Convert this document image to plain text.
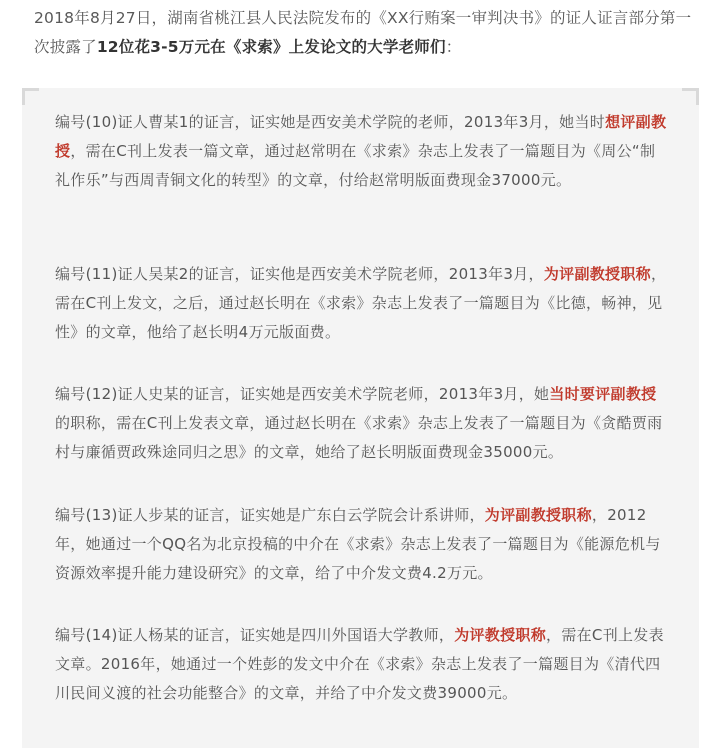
2018年8月27日，湖南省桃江县人民法院发布的《XX行贿案一审判决书》的证人证言部分第一次披露了12位花3-5万元在《求索》上发论文的大学老师们：

编号(10)证人曹某1的证言，证实她是西安美术学院的老师，2013年3月，她当时想评副教授，需在C刊上发表一篇文章，通过赵常明在《求索》杂志上发表了一篇题目为《周公“制礼作乐”与西周青铜文化的转型》的文章，付给赵常明版面费现金37000元。

编号(11)证人吴某2的证言，证实他是西安美术学院老师，2013年3月，为评副教授职称，需在C刊上发文，之后，通过赵长明在《求索》杂志上发表了一篇题目为《比德，畅神，见性》的文章，他给了赵长明4万元版面费。

编号(12)证人史某的证言，证实她是西安美术学院老师，2013年3月，她当时要评副教授的职称，需在C刊上发表文章，通过赵长明在《求索》杂志上发表了一篇题目为《贪酷贾雨村与廉循贾政殊途同归之思》的文章，她给了赵长明版面费现金35000元。

编号(13)证人步某的证言，证实她是广东白云学院会计系讲师，为评副教授职称，2012年，她通过一个QQ名为北京投稿的中介在《求索》杂志上发表了一篇题目为《能源危机与资源效率提升能力建设研究》的文章，给了中介发文费4.2万元。

编号(14)证人杨某的证言，证实她是四川外国语大学教师，为评教授职称，需在C刊上发表文章。2016年，她通过一个姓彭的发文中介在《求索》杂志上发表了一篇题目为《清代四川民间义渡的社会功能整合》的文章，并给了中介发文费39000元。
